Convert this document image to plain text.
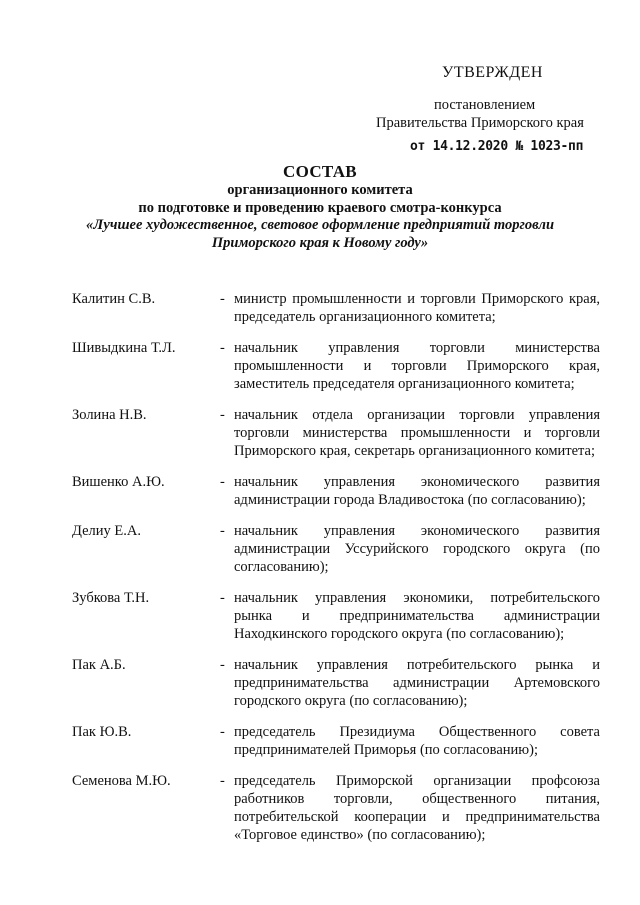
УТВЕРЖДЕН
постановлением
Правительства Приморского края
от 14.12.2020 № 1023-пп
СОСТАВ
организационного комитета
по подготовке и проведению краевого смотра-конкурса
«Лучшее художественное, световое оформление предприятий торговли
Приморского края к Новому году»
Калитин С.В.	- министр промышленности и торговли Приморского края, председатель организационного комитета;
Шивыдкина Т.Л.	- начальник управления торговли министерства промышленности и торговли Приморского края, заместитель председателя организационного комитета;
Золина Н.В.	- начальник отдела организации торговли управления торговли министерства промышленности и торговли Приморского края, секретарь организационного комитета;
Вишенко А.Ю.	- начальник управления экономического развития администрации города Владивостока (по согласованию);
Делиу Е.А.	- начальник управления экономического развития администрации Уссурийского городского округа (по согласованию);
Зубкова Т.Н.	- начальник управления экономики, потребительского рынка и предпринимательства администрации Находкинского городского округа (по согласованию);
Пак А.Б.	- начальник управления потребительского рынка и предпринимательства администрации Артемовского городского округа (по согласованию);
Пак Ю.В.	- председатель Президиума Общественного совета предпринимателей Приморья (по согласованию);
Семенова М.Ю.	- председатель Приморской организации профсоюза работников торговли, общественного питания, потребительской кооперации и предпринимательства «Торговое единство» (по согласованию);
